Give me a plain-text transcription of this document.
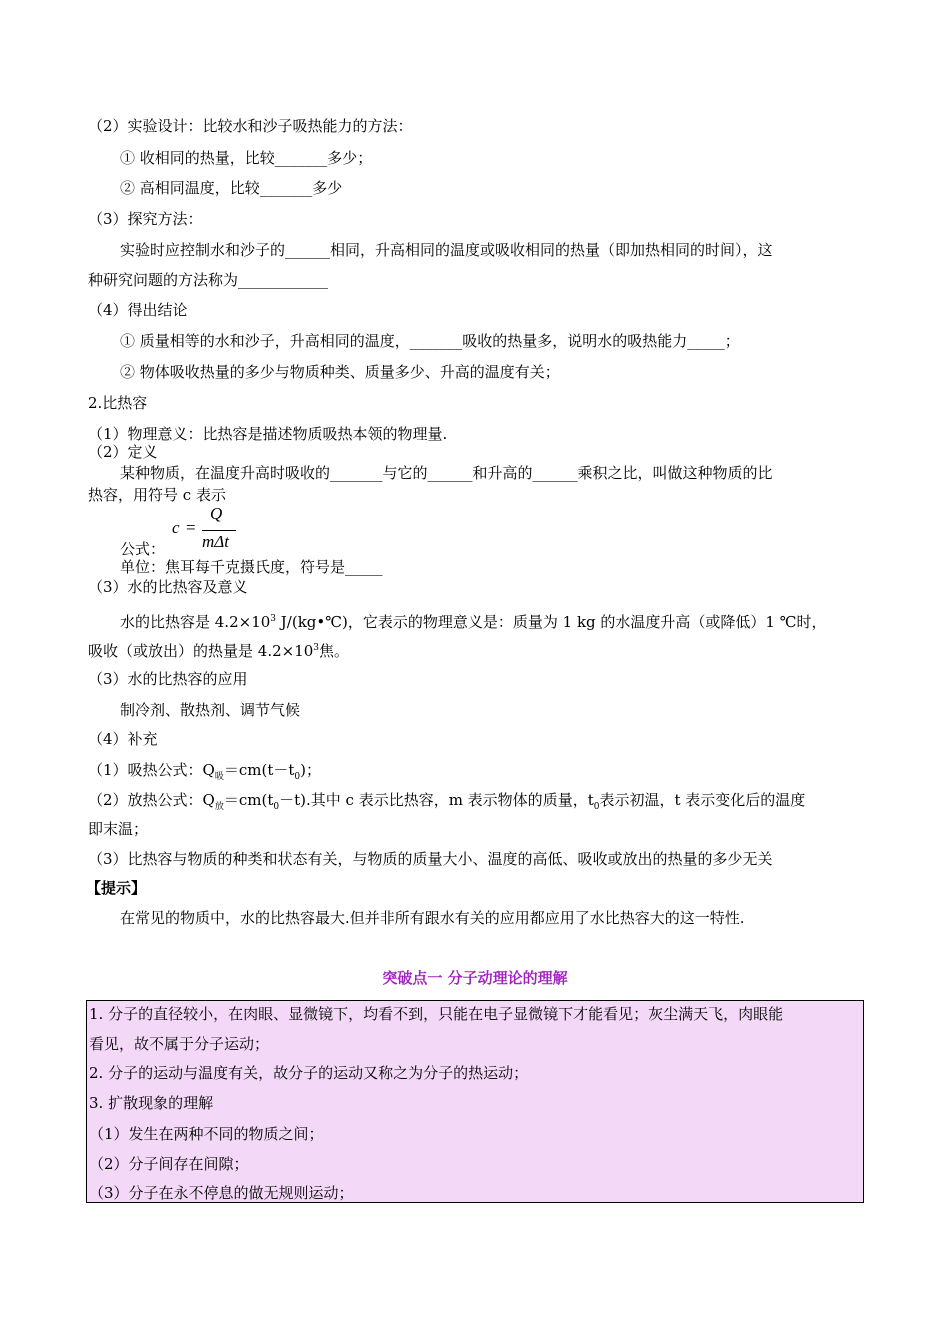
（2）实验设计：比较水和沙子吸热能力的方法：
① 收相同的热量，比较_______多少；
② 高相同温度，比较_______多少
（3）探究方法：
实验时应控制水和沙子的______相同，升高相同的温度或吸收相同的热量（即加热相同的时间），这
种研究问题的方法称为____________
（4）得出结论
① 质量相等的水和沙子，升高相同的温度，_______吸收的热量多，说明水的吸热能力_____；
② 物体吸收热量的多少与物质种类、质量多少、升高的温度有关；
2.比热容
（1）物理意义：比热容是描述物质吸热本领的物理量.
（2）定义
某种物质，在温度升高时吸收的_______与它的______和升高的______乘积之比，叫做这种物质的比
热容，用符号 c 表示
c =
Q
mΔt
公式：
单位：焦耳每千克摄氏度，符号是_____
（3）水的比热容及意义
水的比热容是 $4.2\times 10^3$ J/(kg•℃)，它表示的物理意义是：质量为 1 kg 的水温度升高（或降低）1 ℃时，
吸收（或放出）的热量是 $4.2\times 10^3$焦。
（3）水的比热容的应用
制冷剂、散热剂、调节气候
（4）补充
（1）吸热公式：$Q_吸=cm(t-t_0)$；
（2）放热公式：$Q_放=cm(t_0-t)$.其中 c 表示比热容，m 表示物体的质量，$t_0$表示初温，t 表示变化后的温度
即末温；
（3）比热容与物质的种类和状态有关，与物质的质量大小、温度的高低、吸收或放出的热量的多少无关
【提示】
在常见的物质中，水的比热容最大.但并非所有跟水有关的应用都应用了水比热容大的这一特性.
突破点一 分子动理论的理解
1. 分子的直径较小，在肉眼、显微镜下，均看不到，只能在电子显微镜下才能看见；灰尘满天飞，肉眼能
看见，故不属于分子运动；
2. 分子的运动与温度有关，故分子的运动又称之为分子的热运动；
3. 扩散现象的理解
（1）发生在两种不同的物质之间；
（2）分子间存在间隙；
（3）分子在永不停息的做无规则运动；
